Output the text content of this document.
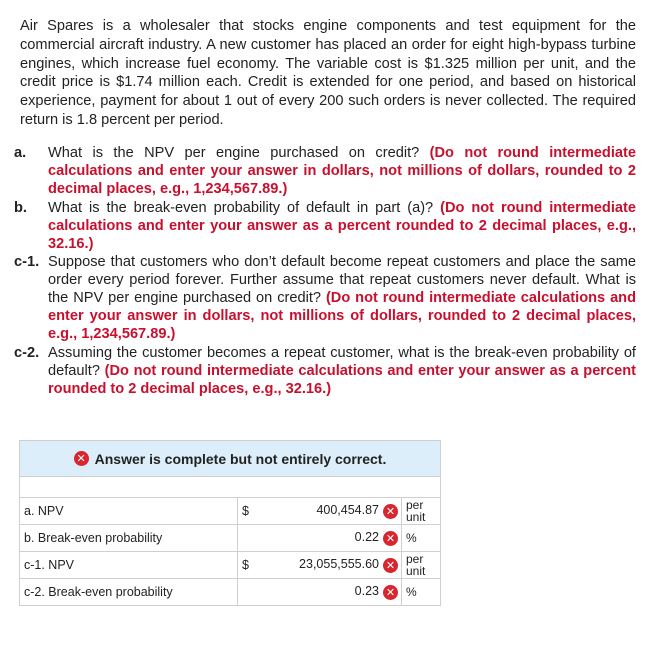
Air Spares is a wholesaler that stocks engine components and test equipment for the commercial aircraft industry. A new customer has placed an order for eight high-bypass turbine engines, which increase fuel economy. The variable cost is $1.325 million per unit, and the credit price is $1.74 million each. Credit is extended for one period, and based on historical experience, payment for about 1 out of every 200 such orders is never collected. The required return is 1.8 percent per period.

a.	What is the NPV per engine purchased on credit? (Do not round intermediate calculations and enter your answer in dollars, not millions of dollars, rounded to 2 decimal places, e.g., 1,234,567.89.)
b.	What is the break-even probability of default in part (a)? (Do not round intermediate calculations and enter your answer as a percent rounded to 2 decimal places, e.g., 32.16.)
c-1. Suppose that customers who don’t default become repeat customers and place the same order every period forever. Further assume that repeat customers never default. What is the NPV per engine purchased on credit? (Do not round intermediate calculations and enter your answer in dollars, not millions of dollars, rounded to 2 decimal places, e.g., 1,234,567.89.)
c-2. Assuming the customer becomes a repeat customer, what is the break-even probability of default? (Do not round intermediate calculations and enter your answer as a percent rounded to 2 decimal places, e.g., 32.16.)
✕ Answer is complete but not entirely correct.

a. NPV	$	400,454.87 ✕	per unit
b. Break-even probability		0.22 ✕	%
c-1. NPV	$	23,055,555.60 ✕	per unit
c-2. Break-even probability		0.23 ✕	%
